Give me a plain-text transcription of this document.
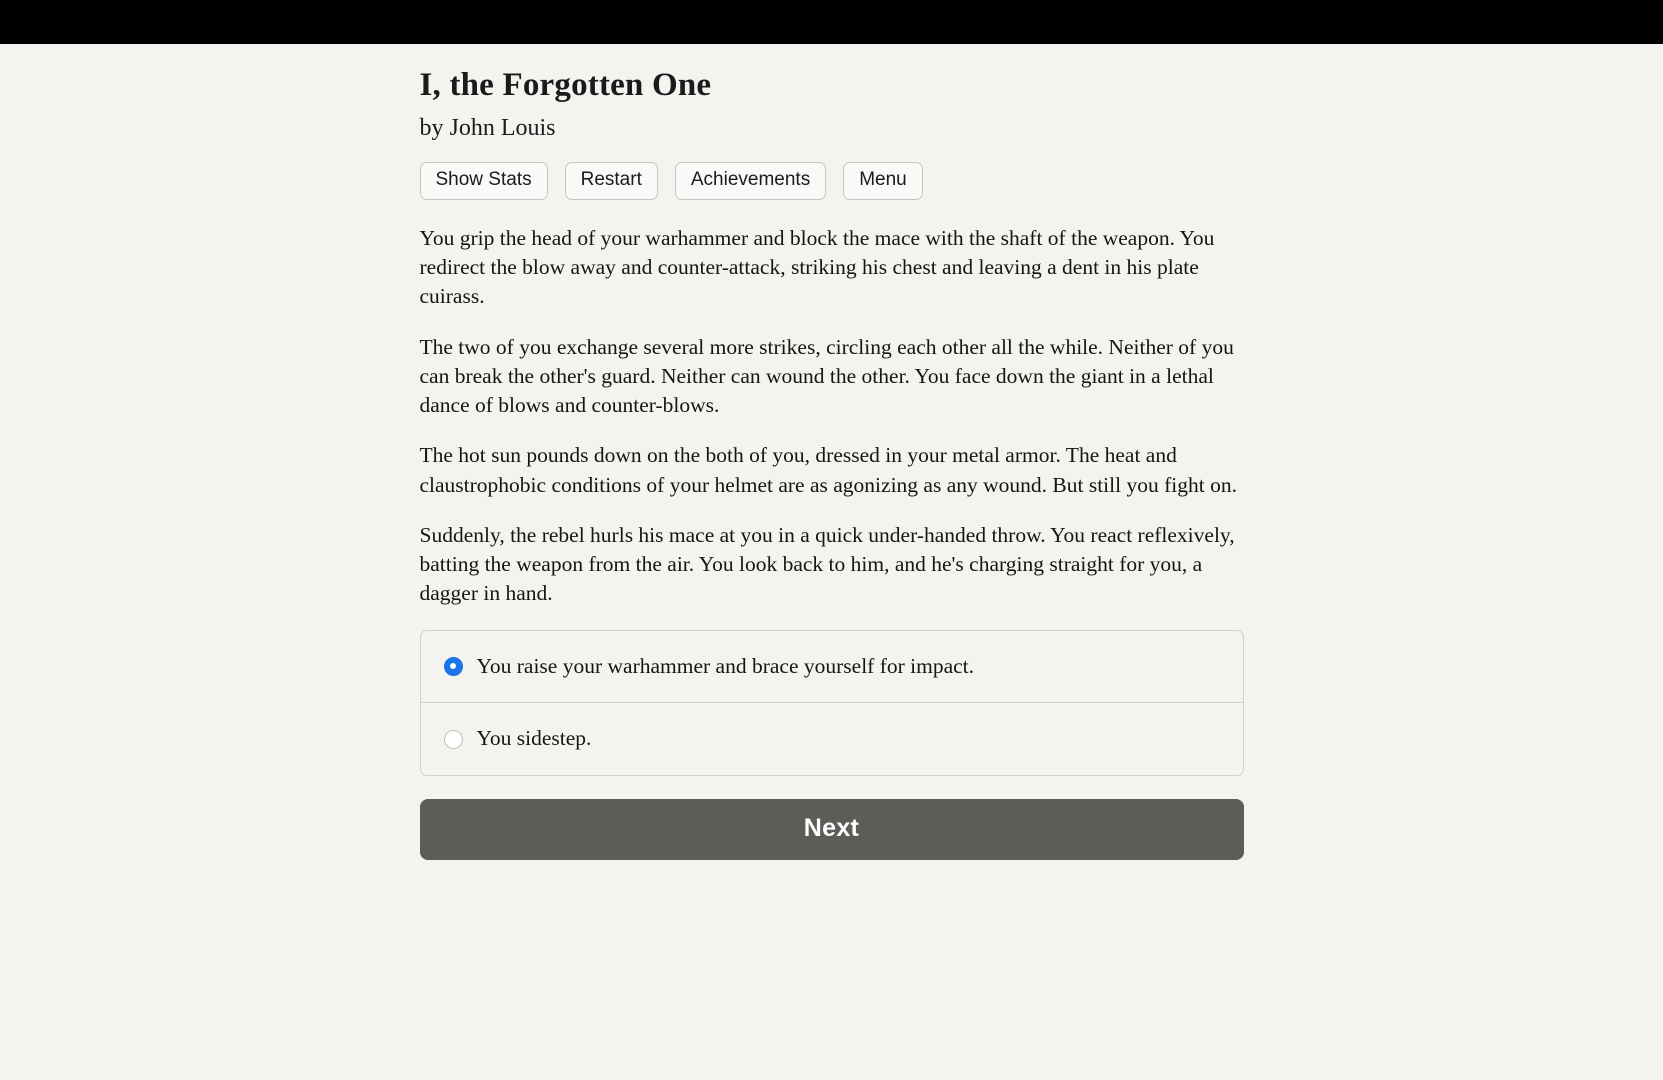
I, the Forgotten One
by John Louis
Show Stats	Restart	Achievements	Menu

You grip the head of your warhammer and block the mace with the shaft of the weapon. You redirect the blow away and counter-attack, striking his chest and leaving a dent in his plate cuirass.

The two of you exchange several more strikes, circling each other all the while. Neither of you can break the other's guard. Neither can wound the other. You face down the giant in a lethal dance of blows and counter-blows.

The hot sun pounds down on the both of you, dressed in your metal armor. The heat and claustrophobic conditions of your helmet are as agonizing as any wound. But still you fight on.

Suddenly, the rebel hurls his mace at you in a quick under-handed throw. You react reflexively, batting the weapon from the air. You look back to him, and he's charging straight for you, a dagger in hand.

You raise your warhammer and brace yourself for impact.
You sidestep.
Next
